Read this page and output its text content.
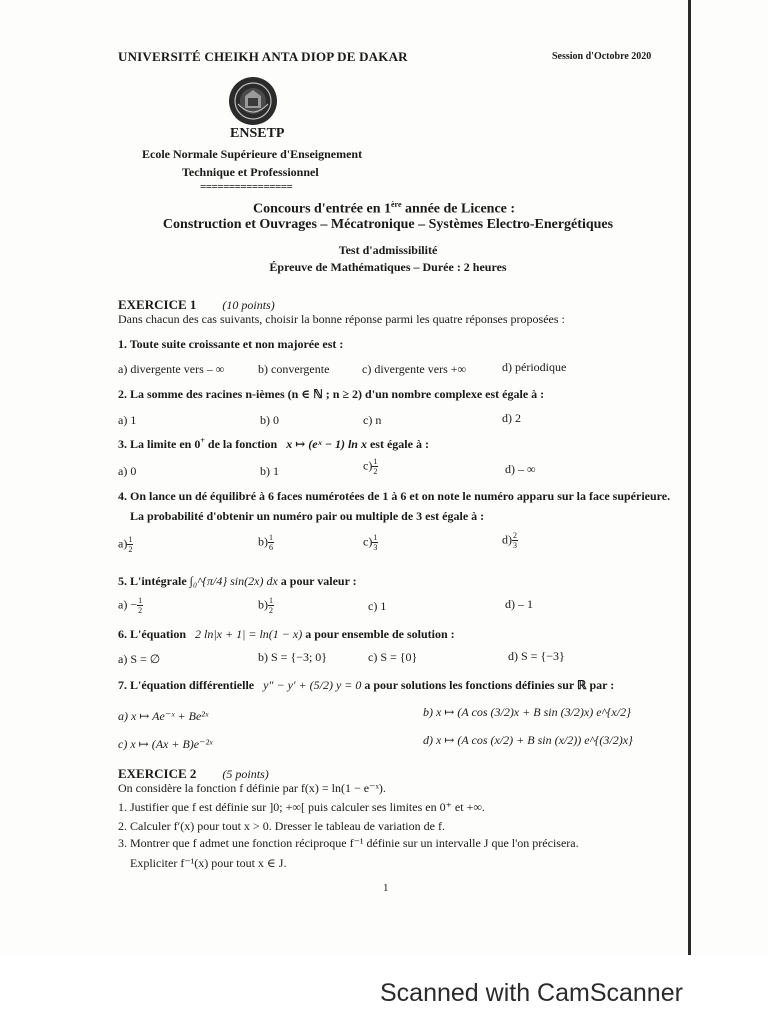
UNIVERSITÉ CHEIKH ANTA DIOP DE DAKAR	Session d'Octobre 2020
ENSETP
Ecole Normale Supérieure d'Enseignement
Technique et Professionnel
================
Concours d'entrée en 1ère année de Licence :
Construction et Ouvrages – Mécatronique – Systèmes Electro-Energétiques
Test d'admissibilité
Épreuve de Mathématiques – Durée : 2 heures
EXERCICE 1 (10 points)
Dans chacun des cas suivants, choisir la bonne réponse parmi les quatre réponses proposées :
1. Toute suite croissante et non majorée est :
a) divergente vers – ∞	b) convergente	c) divergente vers +∞	d) périodique
2. La somme des racines n-ièmes (n ∈ ℕ ; n ≥ 2) d'un nombre complexe est égale à :
a) 1	b) 0	c) n	d) 2
3. La limite en 0+ de la fonction x ↦ (eˣ − 1) ln x est égale à :
a) 0	b) 1	$c) \frac{1}{2}$	d) – ∞
4. On lance un dé équilibré à 6 faces numérotées de 1 à 6 et on note le numéro apparu sur la face supérieure.
La probabilité d'obtenir un numéro pair ou multiple de 3 est égale à :
$a) \frac{1}{2}$	$b) \frac{1}{6}$	$c) \frac{1}{3}$	$d) \frac{2}{3}$
5. L'intégrale ∫₀^{π/4} sin(2x) dx a pour valeur :
$a) - \frac{1}{2}$	$b) \frac{1}{2}$	c) 1	d) – 1
6. L'équation 2 ln|x + 1| = ln(1 − x) a pour ensemble de solution :
a) S = ∅	b) S = {−3; 0}	c) S = {0}	d) S = {−3}
7. L'équation différentielle y" − y′ + (5/2) y = 0 a pour solutions les fonctions définies sur ℝ par :
a) x ↦ Ae⁻ˣ + Be²ˣ	b) x ↦ (A cos (3/2)x + B sin (3/2)x) e^{x/2}
c) x ↦ (Ax + B)e⁻²ˣ	d) x ↦ (A cos (x/2) + B sin (x/2)) e^{(3/2)x}
EXERCICE 2 (5 points)
On considère la fonction f définie par f(x) = ln(1 − e⁻ˣ).
1. Justifier que f est définie sur ]0; +∞[ puis calculer ses limites en 0⁺ et +∞.
2. Calculer f′(x) pour tout x > 0. Dresser le tableau de variation de f.
3. Montrer que f admet une fonction réciproque f⁻¹ définie sur un intervalle J que l'on précisera.
Expliciter f⁻¹(x) pour tout x ∈ J.
1
Scanned with CamScanner
